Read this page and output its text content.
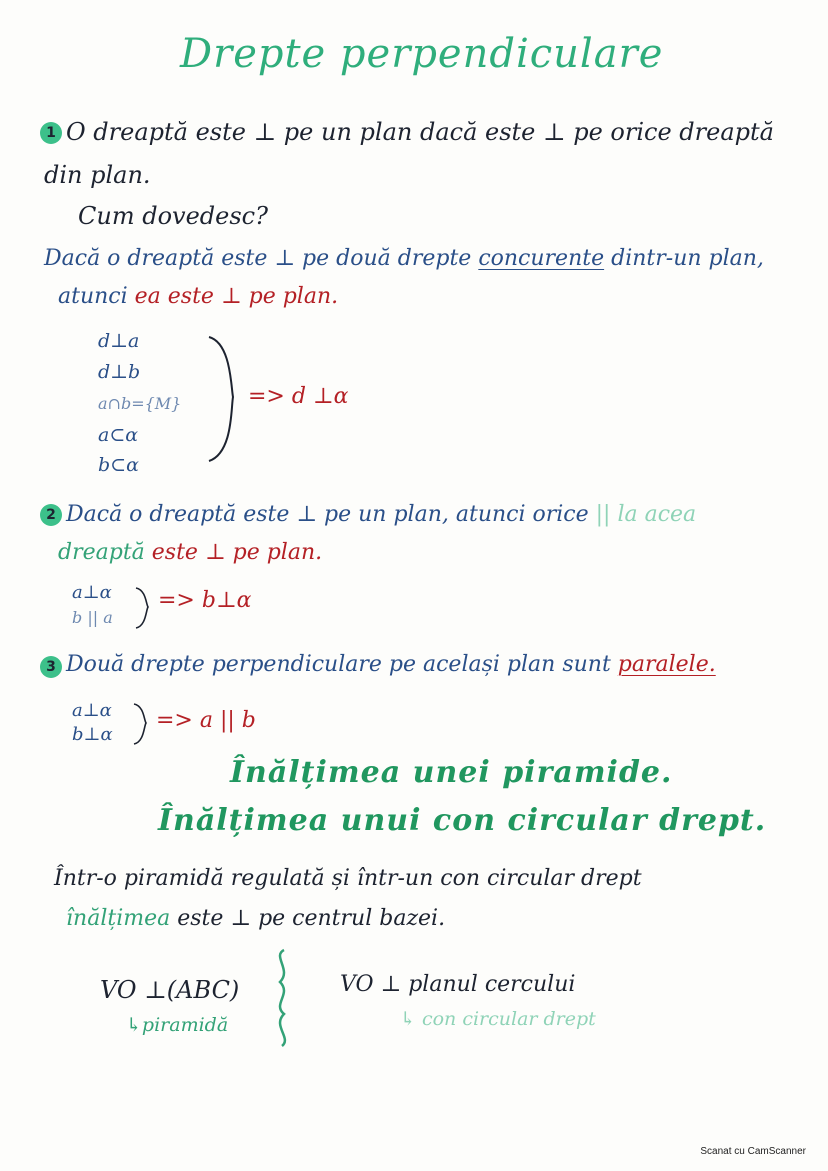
Drepte perpendiculare
1 O dreaptă este ⊥ pe un plan dacă este ⊥ pe orice dreaptă
din plan.
Cum dovedesc?
Dacă o dreaptă este ⊥ pe două drepte concurente dintr-un plan,
atunci ea este ⊥ pe plan.
d⊥a
d⊥b
a∩b={M}
a⊂α
b⊂α
=> d ⊥α
2 Dacă o dreaptă este ⊥ pe un plan, atunci orice || la acea
dreaptă este ⊥ pe plan.
a⊥α
b || a
=> b⊥α
3 Două drepte perpendiculare pe același plan sunt paralele.
a⊥α
b⊥α
=> a || b
Înălțimea unei piramide.
Înălțimea unui con circular drept.
Într-o piramidă regulată și într-un con circular drept
înălțimea este ⊥ pe centrul bazei.
VO ⊥(ABC)
↳piramidă
VO ⊥ planul cercului
↳ con circular drept
Scanat cu CamScanner
